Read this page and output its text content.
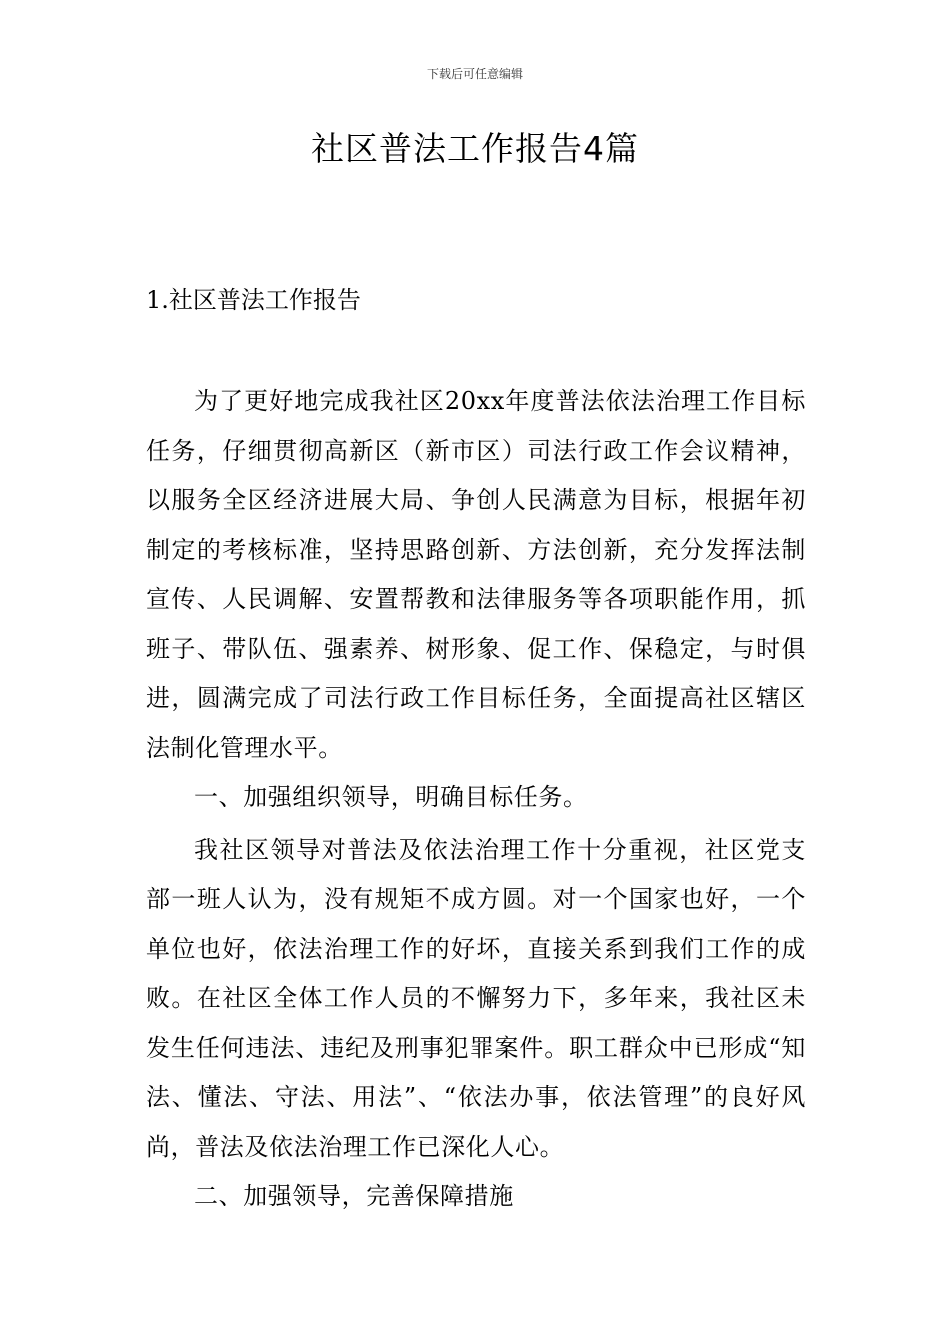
下载后可任意编辑
社区普法工作报告4篇
1.社区普法工作报告

为了更好地完成我社区20xx年度普法依法治理工作目标任务，仔细贯彻高新区（新市区）司法行政工作会议精神，以服务全区经济进展大局、争创人民满意为目标，根据年初制定的考核标准，坚持思路创新、方法创新，充分发挥法制宣传、人民调解、安置帮教和法律服务等各项职能作用，抓班子、带队伍、强素养、树形象、促工作、保稳定，与时俱进，圆满完成了司法行政工作目标任务，全面提高社区辖区法制化管理水平。

一、加强组织领导，明确目标任务。

我社区领导对普法及依法治理工作十分重视，社区党支部一班人认为，没有规矩不成方圆。对一个国家也好，一个单位也好，依法治理工作的好坏，直接关系到我们工作的成败。在社区全体工作人员的不懈努力下，多年来，我社区未发生任何违法、违纪及刑事犯罪案件。职工群众中已形成“知法、懂法、守法、用法”、“依法办事，依法管理”的良好风尚，普法及依法治理工作已深化人心。

二、加强领导，完善保障措施
